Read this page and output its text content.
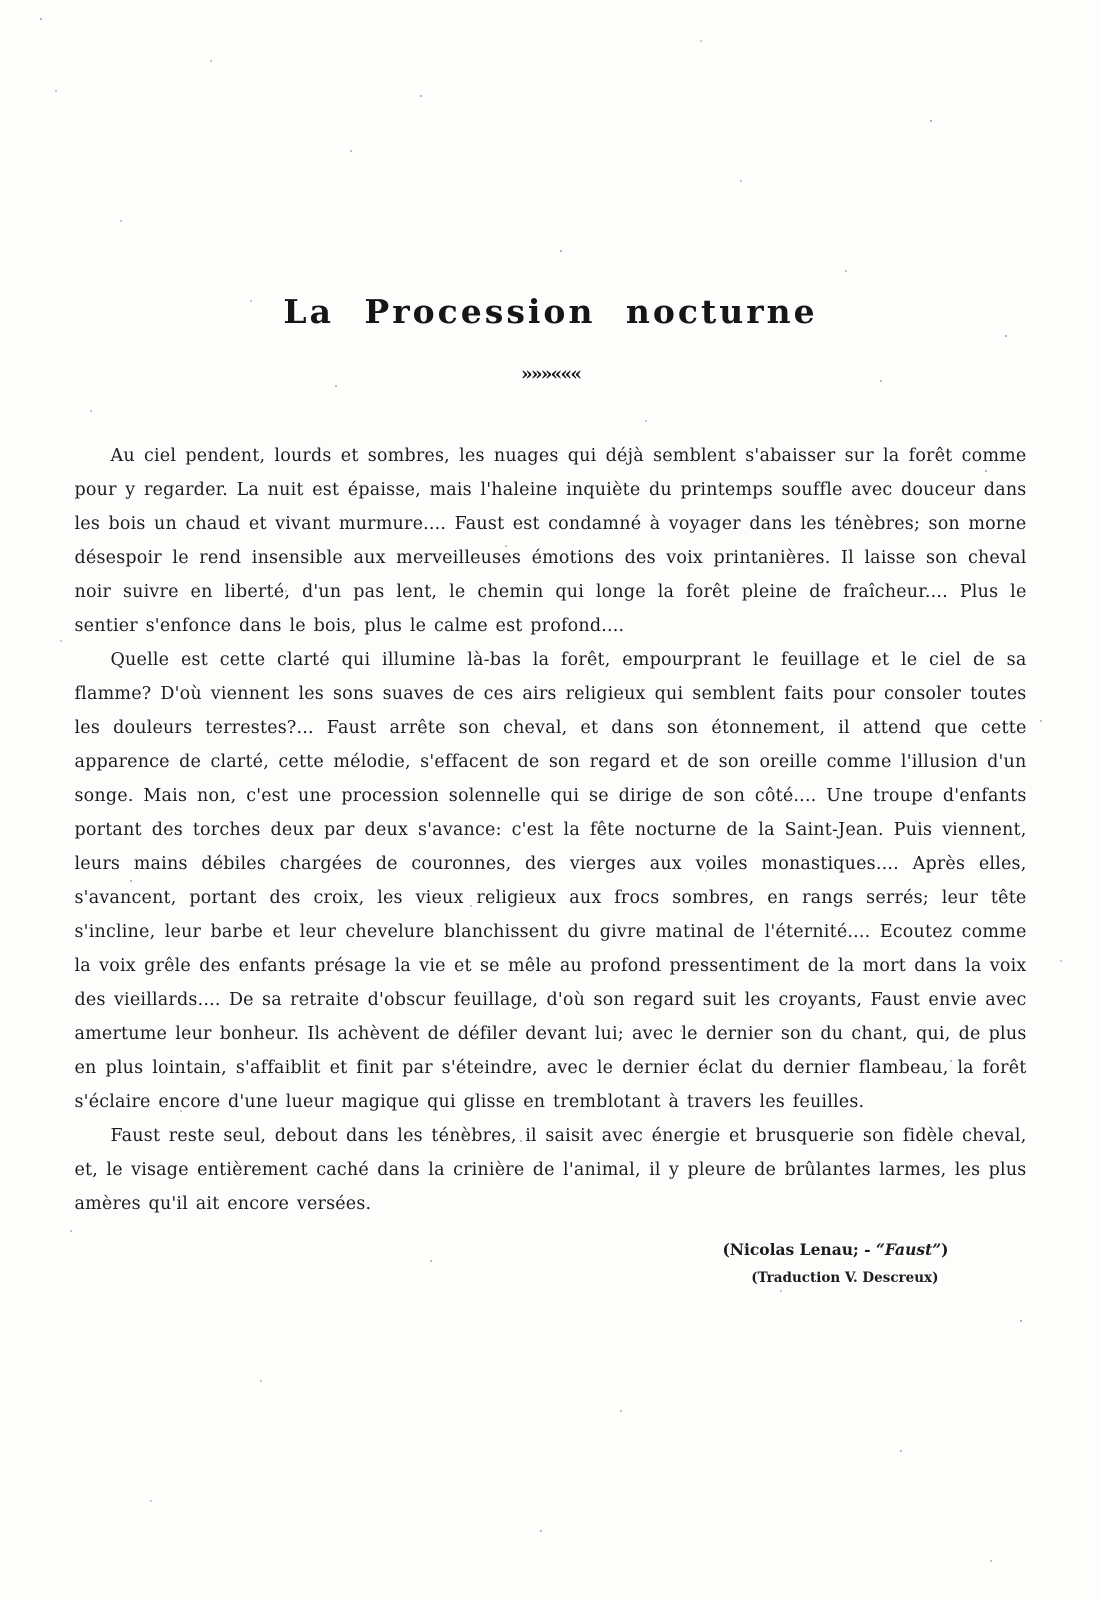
La Procession nocturne
»»»«««

Au ciel pendent, lourds et sombres, les nuages qui déjà semblent s'abaisser sur la forêt comme pour y regarder. La nuit est épaisse, mais l'haleine inquiète du printemps souffle avec douceur dans les bois un chaud et vivant murmure.... Faust est condamné à voyager dans les ténèbres; son morne désespoir le rend insensible aux merveilleuses émotions des voix printanières. Il laisse son cheval noir suivre en liberté, d'un pas lent, le chemin qui longe la forêt pleine de fraîcheur.... Plus le sentier s'enfonce dans le bois, plus le calme est profond....

Quelle est cette clarté qui illumine là-bas la forêt, empourprant le feuillage et le ciel de sa flamme? D'où viennent les sons suaves de ces airs religieux qui semblent faits pour consoler toutes les douleurs terrestes?... Faust arrête son cheval, et dans son étonnement, il attend que cette apparence de clarté, cette mélodie, s'effacent de son regard et de son oreille comme l'illusion d'un songe. Mais non, c'est une procession solennelle qui se dirige de son côté.... Une troupe d'enfants portant des torches deux par deux s'avance: c'est la fête nocturne de la Saint-Jean. Puis viennent, leurs mains débiles chargées de couronnes, des vierges aux voiles monastiques.... Après elles, s'avancent, portant des croix, les vieux religieux aux frocs sombres, en rangs serrés; leur tête s'incline, leur barbe et leur chevelure blanchissent du givre matinal de l'éternité.... Ecoutez comme la voix grêle des enfants présage la vie et se mêle au profond pressentiment de la mort dans la voix des vieillards.... De sa retraite d'obscur feuillage, d'où son regard suit les croyants, Faust envie avec amertume leur bonheur. Ils achèvent de défiler devant lui; avec le dernier son du chant, qui, de plus en plus lointain, s'affaiblit et finit par s'éteindre, avec le dernier éclat du dernier flambeau, la forêt s'éclaire encore d'une lueur magique qui glisse en tremblotant à travers les feuilles.

Faust reste seul, debout dans les ténèbres, il saisit avec énergie et brusquerie son fidèle cheval, et, le visage entièrement caché dans la crinière de l'animal, il y pleure de brûlantes larmes, les plus amères qu'il ait encore versées.

(Nicolas Lenau; - “Faust”)
(Traduction V. Descreux)
